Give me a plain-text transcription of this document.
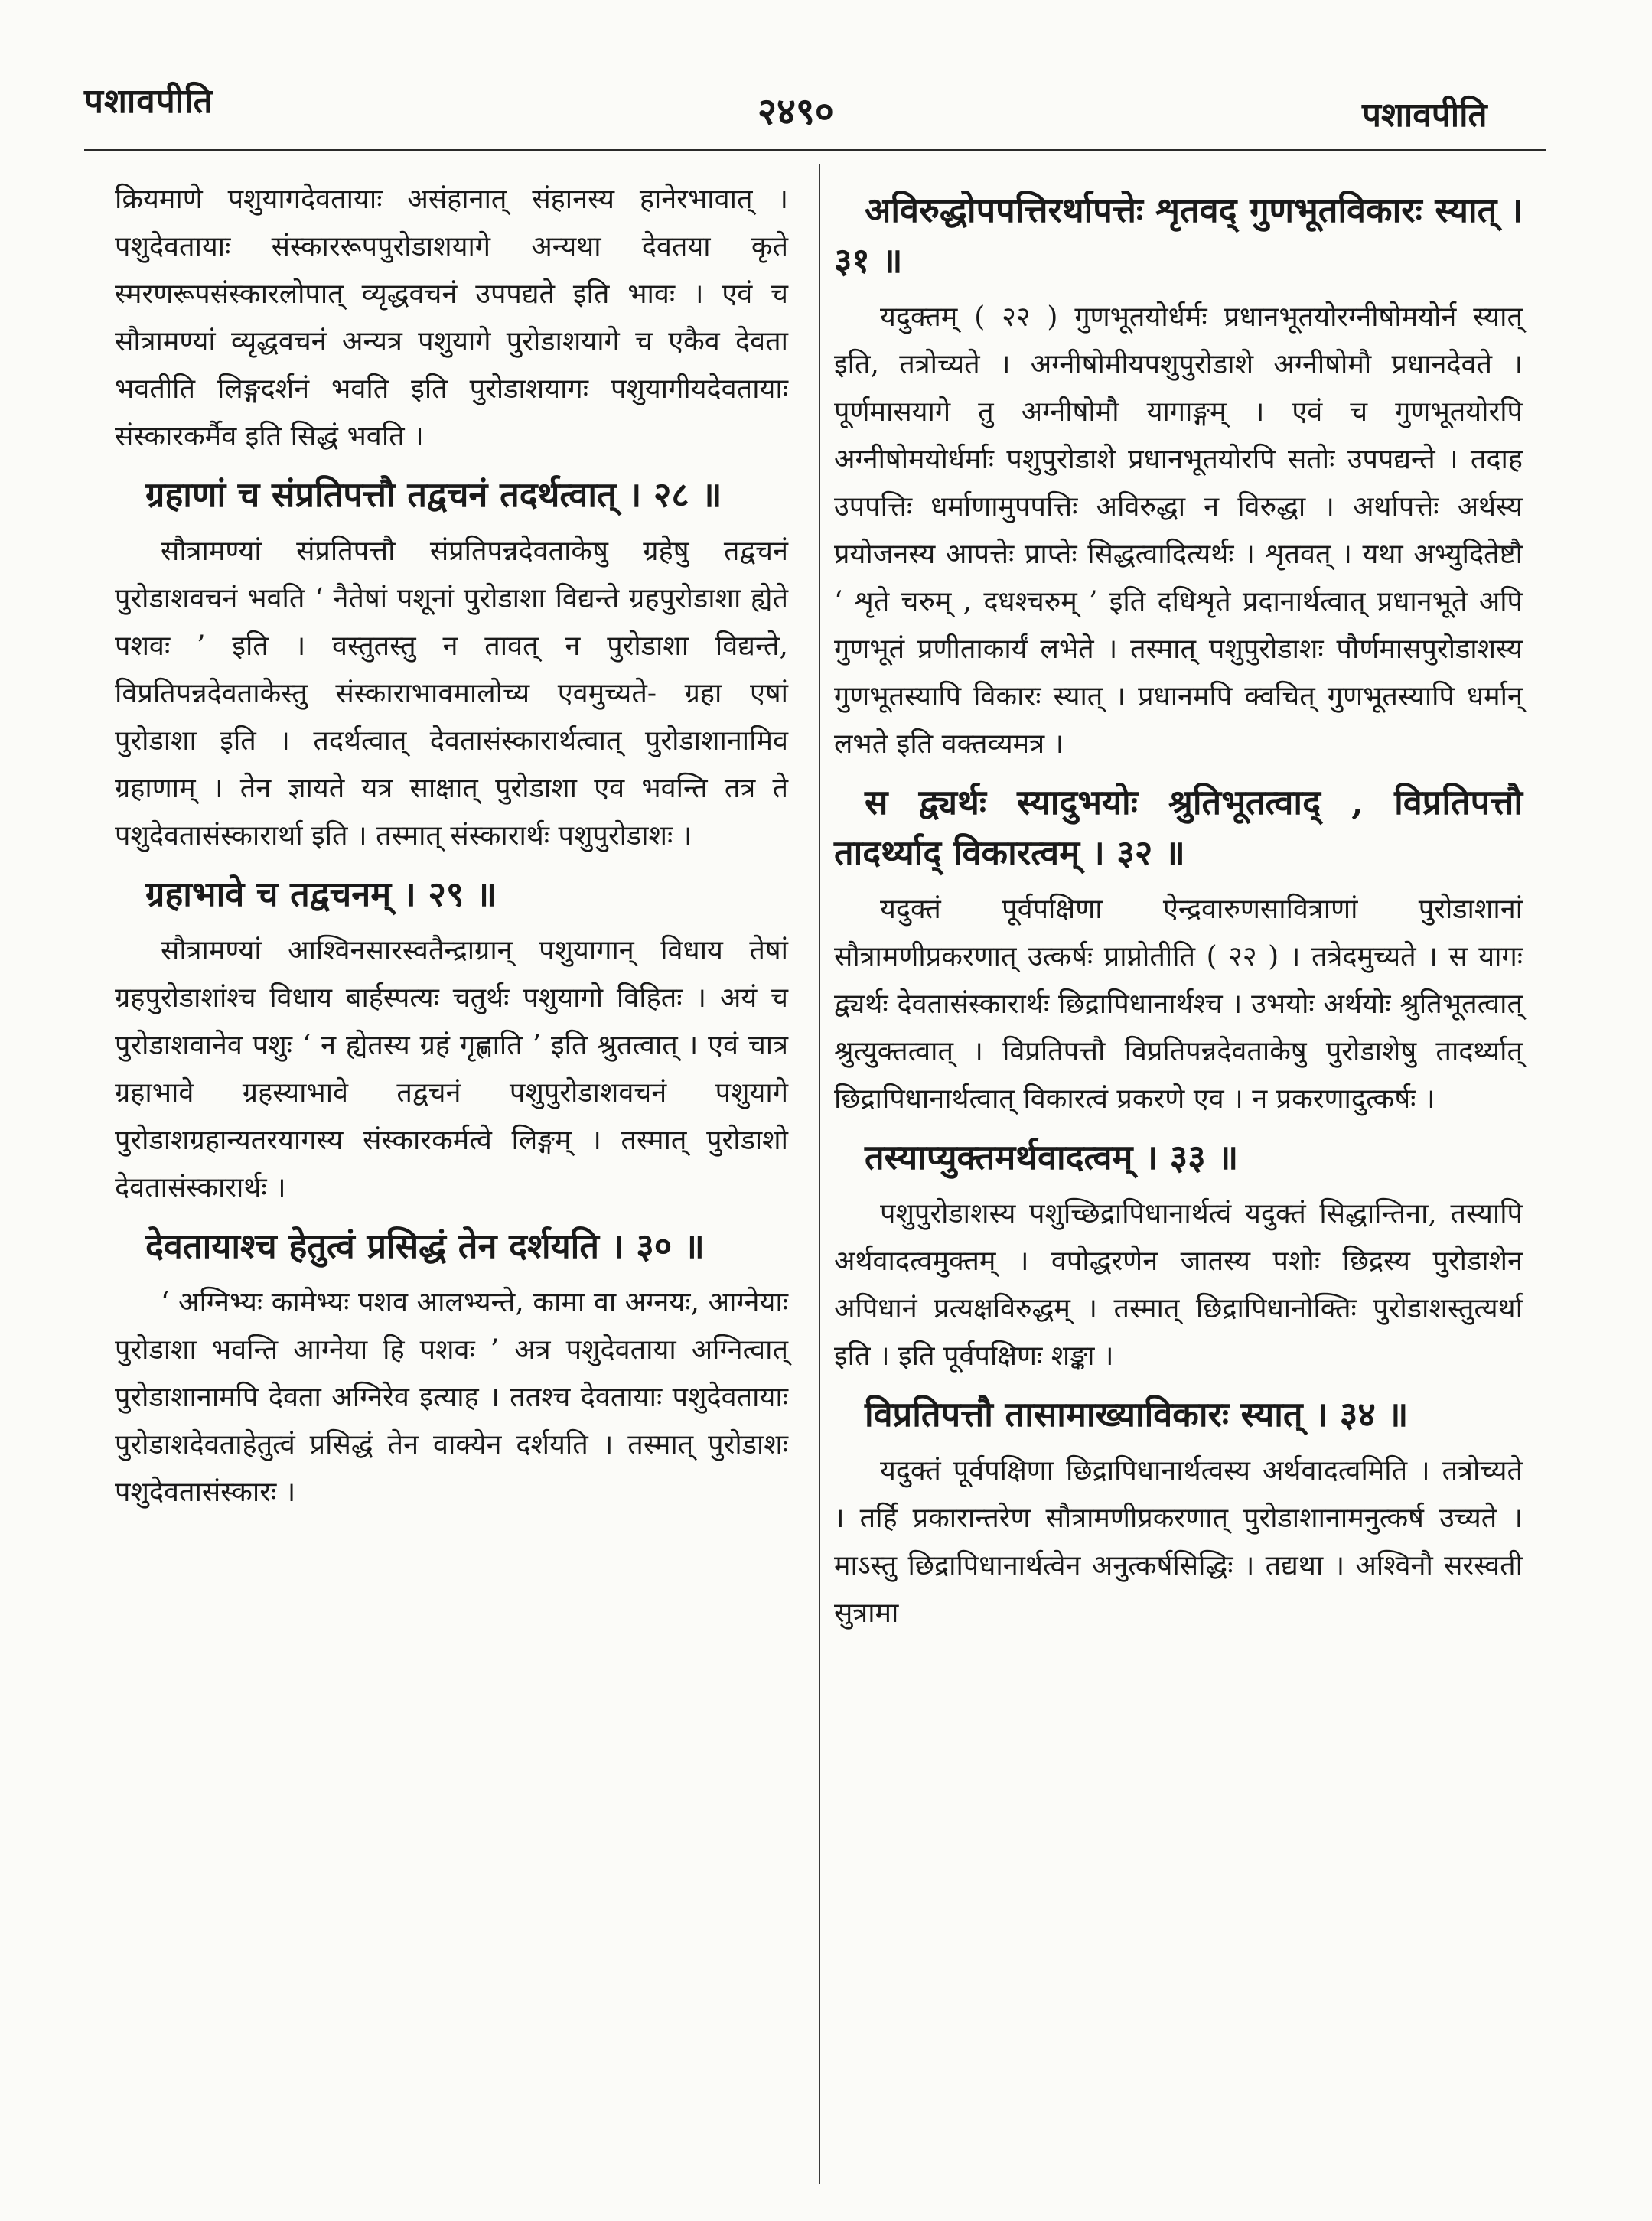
पशावपीति	२४९०	पशावपीति

क्रियमाणे पशुयागदेवतायाः असंहानात् संहानस्य हानेरभावात् । पशुदेवतायाः संस्काररूपपुरोडाशयागे अन्यथा देवतया कृते स्मरणरूपसंस्कारलोपात् व्यृद्धवचनं उपपद्यते इति भावः । एवं च सौत्रामण्यां व्यृद्धवचनं अन्यत्र पशुयागे पुरोडाशयागे च एकैव देवता भवतीति लिङ्गदर्शनं भवति इति पुरोडाशयागः पशुयागीयदेवतायाः संस्कारकर्मैव इति सिद्धं भवति ।

ग्रहाणां च संप्रतिपत्तौ तद्वचनं तदर्थत्वात् । २८ ॥

सौत्रामण्यां संप्रतिपत्तौ संप्रतिपन्नदेवताकेषु ग्रहेषु तद्वचनं पुरोडाशवचनं भवति ‘ नैतेषां पशूनां पुरोडाशा विद्यन्ते ग्रहपुरोडाशा ह्येते पशवः ’ इति । वस्तुतस्तु न तावत् न पुरोडाशा विद्यन्ते, विप्रतिपन्नदेवताकेस्तु संस्काराभावमालोच्य एवमुच्यते- ग्रहा एषां पुरोडाशा इति । तदर्थत्वात् देवतासंस्कारार्थत्वात् पुरोडाशानामिव ग्रहाणाम् । तेन ज्ञायते यत्र साक्षात् पुरोडाशा एव भवन्ति तत्र ते पशुदेवतासंस्कारार्था इति । तस्मात् संस्कारार्थः पशुपुरोडाशः ।

ग्रहाभावे च तद्वचनम् । २९ ॥

सौत्रामण्यां आश्विनसारस्वतैन्द्राग्रान् पशुयागान् विधाय तेषां ग्रहपुरोडाशांश्च विधाय बार्हस्पत्यः चतुर्थः पशुयागो विहितः । अयं च पुरोडाशवानेव पशुः ‘ न ह्येतस्य ग्रहं गृह्णाति ’ इति श्रुतत्वात् । एवं चात्र ग्रहाभावे ग्रहस्याभावे तद्वचनं पशुपुरोडाशवचनं पशुयागे पुरोडाशग्रहान्यतरयागस्य संस्कारकर्मत्वे लिङ्गम् । तस्मात् पुरोडाशो देवतासंस्कारार्थः ।

देवतायाश्च हेतुत्वं प्रसिद्धं तेन दर्शयति । ३० ॥

‘ अग्निभ्यः कामेभ्यः पशव आलभ्यन्ते, कामा वा अग्नयः, आग्नेयाः पुरोडाशा भवन्ति आग्नेया हि पशवः ’ अत्र पशुदेवताया अग्नित्वात् पुरोडाशानामपि देवता अग्निरेव इत्याह । ततश्च देवतायाः पशुदेवतायाः पुरोडाशदेवताहेतुत्वं प्रसिद्धं तेन वाक्येन दर्शयति । तस्मात् पुरोडाशः पशुदेवतासंस्कारः ।

अविरुद्धोपपत्तिरर्थापत्तेः शृतवद् गुणभूतविकारः स्यात् । ३१ ॥

यदुक्तम् ( २२ ) गुणभूतयोर्धर्मः प्रधानभूतयोरग्नीषोमयोर्न स्यात् इति, तत्रोच्यते । अग्नीषोमीयपशुपुरोडाशे अग्नीषोमौ प्रधानदेवते । पूर्णमासयागे तु अग्नीषोमौ यागाङ्गम् । एवं च गुणभूतयोरपि अग्नीषोमयोर्धर्माः पशुपुरोडाशे प्रधानभूतयोरपि सतोः उपपद्यन्ते । तदाह उपपत्तिः धर्माणामुपपत्तिः अविरुद्धा न विरुद्धा । अर्थापत्तेः अर्थस्य प्रयोजनस्य आपत्तेः प्राप्तेः सिद्धत्वादित्यर्थः । शृतवत् । यथा अभ्युदितेष्टौ ‘ शृते चरुम् , दधश्चरुम् ’ इति दधिशृते प्रदानार्थत्वात् प्रधानभूते अपि गुणभूतं प्रणीताकार्यं लभेते । तस्मात् पशुपुरोडाशः पौर्णमासपुरोडाशस्य गुणभूतस्यापि विकारः स्यात् । प्रधानमपि क्वचित् गुणभूतस्यापि धर्मान् लभते इति वक्तव्यमत्र ।

स द्व्यर्थः स्यादुभयोः श्रुतिभूतत्वाद् , विप्रतिपत्तौ तादर्थ्याद् विकारत्वम् । ३२ ॥

यदुक्तं पूर्वपक्षिणा ऐन्द्रवारुणसावित्राणां पुरोडाशानां सौत्रामणीप्रकरणात् उत्कर्षः प्राप्नोतीति ( २२ ) । तत्रेदमुच्यते । स यागः द्व्यर्थः देवतासंस्कारार्थः छिद्रापिधानार्थश्च । उभयोः अर्थयोः श्रुतिभूतत्वात् श्रुत्युक्तत्वात् । विप्रतिपत्तौ विप्रतिपन्नदेवताकेषु पुरोडाशेषु तादर्थ्यात् छिद्रापिधानार्थत्वात् विकारत्वं प्रकरणे एव । न प्रकरणादुत्कर्षः ।

तस्याप्युक्तमर्थवादत्वम् । ३३ ॥

पशुपुरोडाशस्य पशुच्छिद्रापिधानार्थत्वं यदुक्तं सिद्धान्तिना, तस्यापि अर्थवादत्वमुक्तम् । वपोद्धरणेन जातस्य पशोः छिद्रस्य पुरोडाशेन अपिधानं प्रत्यक्षविरुद्धम् । तस्मात् छिद्रापिधानोक्तिः पुरोडाशस्तुत्यर्था इति । इति पूर्वपक्षिणः शङ्का ।

विप्रतिपत्तौ तासामाख्याविकारः स्यात् । ३४ ॥

यदुक्तं पूर्वपक्षिणा छिद्रापिधानार्थत्वस्य अर्थवादत्वमिति । तत्रोच्यते । तर्हि प्रकारान्तरेण सौत्रामणीप्रकरणात् पुरोडाशानामनुत्कर्ष उच्यते । माऽस्तु छिद्रापिधानार्थत्वेन अनुत्कर्षसिद्धिः । तद्यथा । अश्विनौ सरस्वती सुत्रामा
